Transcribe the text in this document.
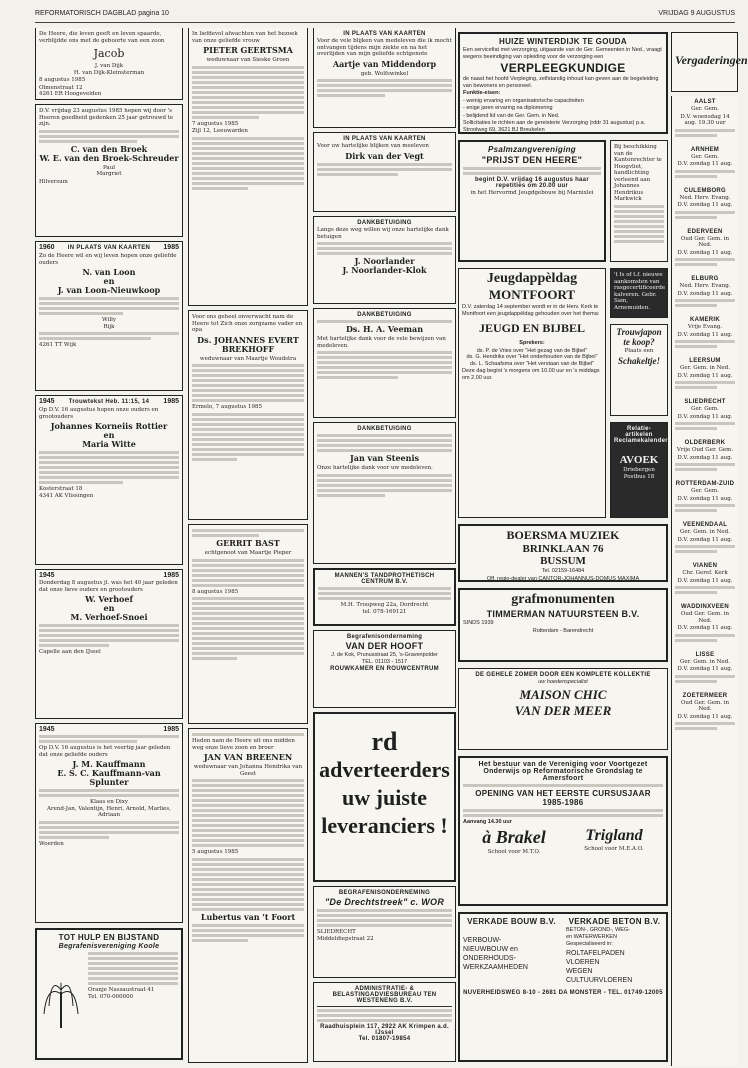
REFORMATORISCH DAGBLAD pagina 10	VRIJDAG 9 AUGUSTUS
De Heere, die leven geeft en leven spaarde, verblijdde ons met de geboorte van een zoon
Jacob
J. van Dijk
H. van Dijk-Kleinsterman
8 augustus 1985
Olmenstraat 12
4261 ER Hoogevelden
D.V. vrijdag 23 augustus 1985 hopen wij door 's Heeren goedheid gedenken 25 jaar getrouwd te zijn.
C. van den Broek
W. E. van den Broek-Schreuder
Paul
Margriet
Hilversum
1960 IN PLAATS VAN KAARTEN 1985
Zo de Heere wil en wij leven hopen onze geliefde ouders
N. van Loon
en
J. van Loon-Nieuwkoop
Willy
Rijk
4261 TT Wijk
1945 Trouwtekst Heb. 11:15, 14 1985
Op D.V. 16 augustus hopen onze ouders en grootouders
Johannes Korneiis Rottier
en
Maria Witte
Kosterstraat 18
4341 AK Vlissingen
1945	1985
Donderdag 8 augustus jl. was het 40 jaar geleden dat onze lieve ouders en grootouders
W. Verhoef
en
M. Verhoef-Snoei
Capelle aan den IJssel
1945	1985
Op D.V. 16 augustus is het veertig jaar geleden dat onze geliefde ouders
J. M. Kauffmann
E. S. C. Kauffmann-van Splunter
Klaas en Dixy
Arend-Jan, Valentijn, Henri, Arnold, Marlies, Adriaan
Woerden
TOT HULP EN BIJSTAND
Begrafenisvereniging Koole
Oranje Nassaustraat 41
Tel. 070-000000
In liefdevol afwachten van het bezoek van onze geliefde vrouw
PIETER GEERTSMA
weduwnaar van Sieske Groen
7 augustus 1985
Zijl 12, Leeuwarden
Voor ons geheel onverwacht nam de Heere tot Zich onze zorgzame vader en opa
Ds. JOHANNES EVERT BREKHOFF
weduwnaar van Maartje Woudstra
Ermelo, 7 augustus 1985
GERRIT BAST
echtgenoot van Maartje Pieper
8 augustus 1985
Heden nam de Heere uit ons midden weg onze lieve zoon en broer
JAN VAN BREENEN
weduwnaar van Johanna Hendrika van Geest
5 augustus 1985
Lubertus van 't Foort
IN PLAATS VAN KAARTEN
Voor de vele blijken van medeleven die ik mocht ontvangen tijdens mijn ziekte en na het overlijden van mijn geliefde echtgenote
Aartje van Middendorp
geb. Wolfswinkel
IN PLAATS VAN KAARTEN
Voor uw hartelijke blijken van meeleven
Dirk van der Vegt
DANKBETUIGING
Langs deze weg willen wij onze hartelijke dank betuigen
J. Noorlander
J. Noorlander-Klok
DANKBETUIGING
Ds. H. A. Veeman
Met hartelijke dank voor de vele bewijzen van medeleven.
DANKBETUIGING
Jan van Steenis
Onze hartelijke dank voor uw medeleven.
MANNEN'S TANDPROTHETISCH CENTRUM B.V.
M.H. Troopweg 22a, Dordrecht
tel. 078-169121
Begrafenisonderneming
VAN DER HOOFT
J. de Kok, Prunusstraat 25, 's-Gravenpolder
TEL. 01103 - 1517
ROUWKAMER EN ROUWCENTRUM
rd
adverteerders
uw juiste
leveranciers !
BEGRAFENISONDERNEMING
"De Drechtstreek" c. WOR
SLIEDRECHT
Middeldiepstraat 22
ADMINISTRATIE- & BELASTINGADVIESBUREAU TEN WESTENENG B.V.
Raadhuisplein 117, 2922 AK Krimpen a.d. IJssel
Tel. 01807-19854
HUIZE WINTERDIJK TE GOUDA
Een servicefiat met verzorging, uitgaande van de Ger. Gemeenten in Ned., vraagt wegens beeindiging van opleiding voor de verzorging een
VERPLEEGKUNDIGE
de naast het hoofd Verpleging, zelfstandig inhoud kan geven aan de begeleiding van bewoners en personeel.
Funktie-eisen:
- weinig ervaring en organisatorische capaciteiten
- enige jaren ervaring na diplomering
- belijdend lid van de Ger. Gem. in Ned.
Sollicitaties te richten aan de gereisterie Verzorging (rddr 31 augustus) p.a. Stroolweg 69, 3621 BJ Breukelen
Psalmzangvereniging
"PRIJST DEN HEERE"
begint D.V. vrijdag 16 augustus haar repetities om 20.00 uur
in het Hervormd Jeugdgebouw bij Marnixlei
Bij beschikking van de Kantonrechter te Hoogvliet, handlichting verleend aan Johannes Hendrikus Markwick
Jeugdappèldag
MONTFOORT
D.V. zaterdag 14 september wordt er in de Herv. Kerk te Montfoort een jeugdappèldag gehouden over het thema:
JEUGD EN BIJBEL
Sprekers:
ds. P. de Vries over "Het gezag van de Bijbel"
ds. G. Hendriks over "Het onderhouden van de Bijbel"
ds. L. Schaafsma over "Het verstaan van de Bijbel"
Deze dag begint 's morgens om 10.00 uur en 's middags om 2.00 uur.
't Is of t.f. nieuwe aankomsten van rasgecertificeerde kalveren. Gebr. Sam, Arnemuiden.
Trouwjapon
te koop?
Plaats een
Schakeltje!
Relatie-artikelen Reclamekalenders
AVOEK
Driebergen Postbus 18
BOERSMA MUZIEK
BRINKLAAN 76
BUSSUM
Tel. 02159-16484
Off. regio-dealer van CANTOR-JOHANNUS-DOMUS MAXIMA
grafmonumenten
TIMMERMAN NATUURSTEEN B.V.
SINDS 1939
Rotterdam - Barendrecht
DE GEHELE ZOMER DOOR EEN KOMPLETE KOLLEKTIE
uw hoedenspecialist
MAISON CHIC
VAN DER MEER
Het bestuur van de Vereniging voor Voortgezet Onderwijs op Reformatorische Grondslag te Amersfoort
OPENING VAN HET EERSTE CURSUSJAAR 1985-1986
Aanvang 14.30 uur
à Brakel
School voor M.T.O.
Trigland
School voor M.E.A.O.
VERKADE BOUW B.V.
VERBOUW-
NIEUWBOUW en
ONDERHOUDS-
WERKZAAMHEDEN
VERKADE BETON B.V.
BETON-, GROND-, WEG-
en WATERWERKEN
Gespecialiseerd in:
ROLTAFELPADEN
VLOEREN
WEGEN
CULTUURVLOEREN
NUVERHEIDSWEG 8-10 - 2681 DA MONSTER - TEL. 01749-12005
Vergaderingen
AALST
Ger. Gem.
D.V. woensdag 14 aug. 19.30 uur
ARNHEM
Ger. Gem.
D.V. zondag 11 aug.
CULEMBORG
Ned. Herv. Evang.
D.V. zondag 11 aug.
EDERVEEN
Oud Ger. Gem. in Ned.
D.V. zondag 11 aug.
ELBURG
Ned. Herv. Evang.
D.V. zondag 11 aug.
KAMERIK
Vrije Evang.
D.V. zondag 11 aug.
LEERSUM
Ger. Gem. in Ned.
D.V. zondag 11 aug.
SLIEDRECHT
Ger. Gem.
D.V. zondag 11 aug.
OLDERBERK
Vrije Oud Ger. Gem.
D.V. zondag 11 aug.
ROTTERDAM-ZUID
Ger. Gem.
D.V. zondag 11 aug.
VEENENDAAL
Ger. Gem. in Ned.
D.V. zondag 11 aug.
VIANEN
Chr. Geref. Kerk
D.V. zondag 11 aug.
WADDINXVEEN
Oud Ger. Gem. in Ned.
D.V. zondag 11 aug.
LISSE
Ger. Gem. in Ned.
D.V. zondag 11 aug.
ZOETERMEER
Oud Ger. Gem. in Ned.
D.V. zondag 11 aug.
